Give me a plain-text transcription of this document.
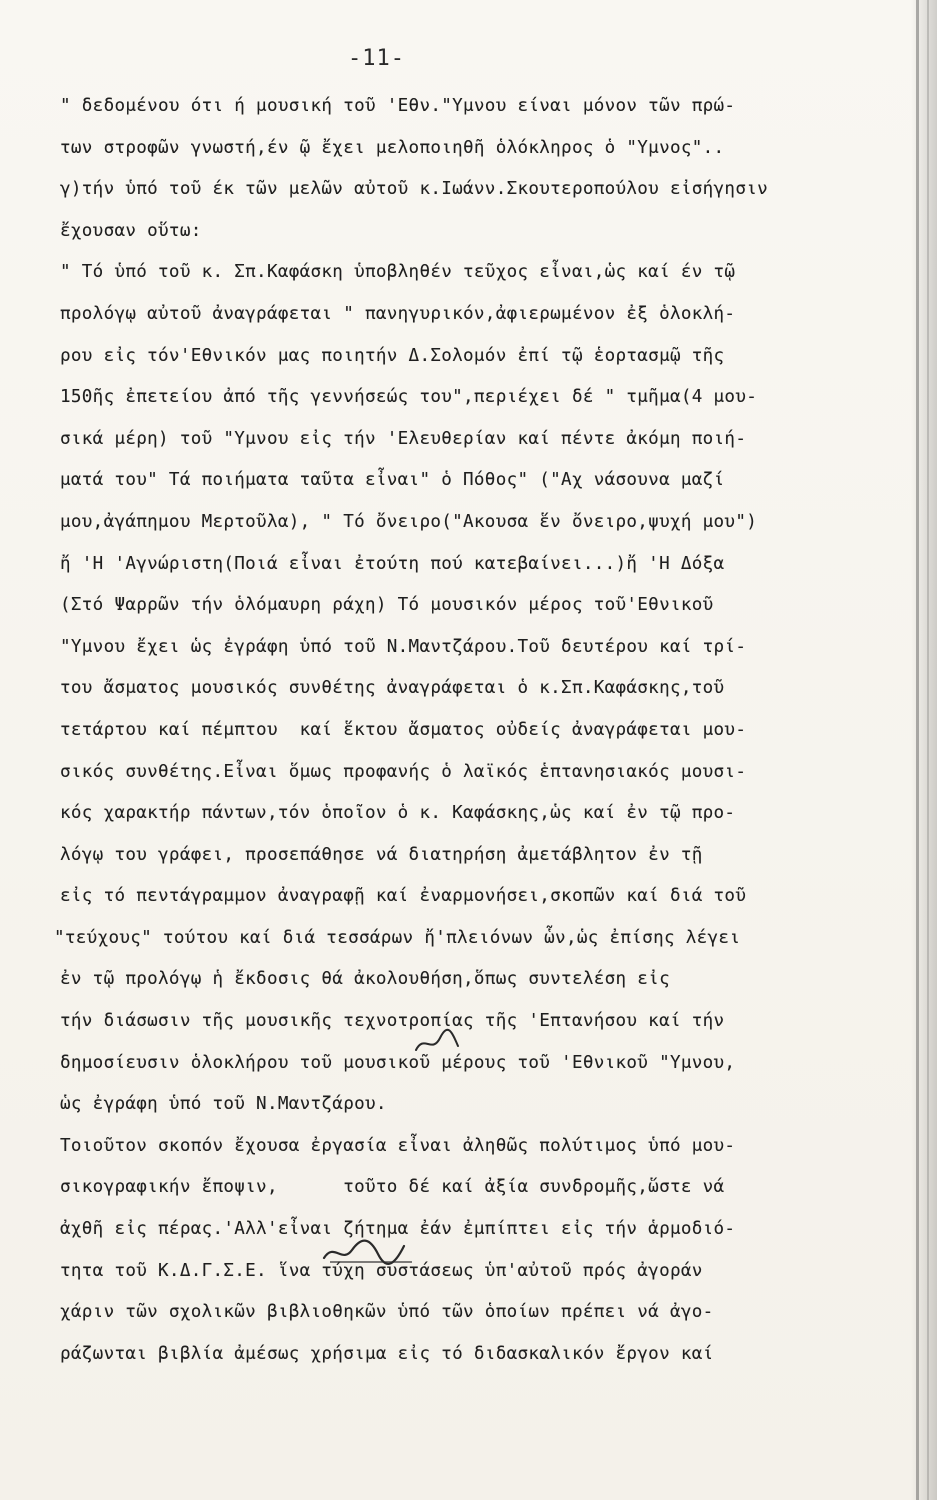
-11-
" δεδομένου ότι ή μουσική τοῦ 'Εθν."Υμνου είναι μόνον τῶν πρώ-
των στροφῶν γνωστή,έν ῷ ἔχει μελοποιηθῆ ὁλόκληρος ὁ "Υμνος"..
γ)τήν ὑπό τοῦ έκ τῶν μελῶν αὐτοῦ κ.Ιωάνν.Σκουτεροπούλου εἰσήγησιν
ἔχουσαν οὕτω:
" Τό ὑπό τοῦ κ. Σπ.Καφάσκη ὑποβληθέν τεῦχος εἶναι,ὡς καί έν τῷ
προλόγῳ αὐτοῦ ἀναγράφεται " πανηγυρικόν,ἀφιερωμένον ἐξ ὁλοκλή-
ρου εἰς τόν'Εθνικόν μας ποιητήν Δ.Σολομόν ἐπί τῷ ἑορτασμῷ τῆς
150ῆς ἐπετείου ἀπό τῆς γεννήσεώς του",περιέχει δέ " τμῆμα(4 μου-
σικά μέρη) τοῦ "Υμνου εἰς τήν 'Ελευθερίαν καί πέντε ἀκόμη ποιή-
ματά του" Τά ποιήματα ταῦτα εἶναι" ὁ Πόθος" ("Αχ νάσουνα μαζί
μου,ἀγάπημου Μερτοῦλα), " Τό ὄνειρο("Ακουσα ἕν ὄνειρο,ψυχή μου")
ἤ 'Η 'Αγνώριστη(Ποιά εἶναι ἐτούτη πού κατεβαίνει...)ἤ 'Η Δόξα
(Στό Ψαρρῶν τήν ὁλόμαυρη ράχη) Τό μουσικόν μέρος τοῦ'Εθνικοῦ
"Υμνου ἔχει ὡς ἐγράφη ὑπό τοῦ Ν.Μαντζάρου.Τοῦ δευτέρου καί τρί-
του ἄσματος μουσικός συνθέτης ἀναγράφεται ὁ κ.Σπ.Καφάσκης,τοῦ
τετάρτου καί πέμπτου  καί ἕκτου ἄσματος οὐδείς ἀναγράφεται μου-
σικός συνθέτης.Εἶναι ὅμως προφανής ὁ λαϊκός ἑπτανησιακός μουσι-
κός χαρακτήρ πάντων,τόν ὁποῖον ὁ κ. Καφάσκης,ὡς καί ἐν τῷ προ-
λόγῳ του γράφει, προσεπάθησε νά διατηρήση ἀμετάβλητον ἐν τῇ
εἰς τό πεντάγραμμον ἀναγραφῇ καί ἐναρμονήσει,σκοπῶν καί διά τοῦ
"τεύχους" τούτου καί διά τεσσάρων ἤ'πλειόνων ὧν,ὡς ἐπίσης λέγει
ἐν τῷ προλόγῳ ἡ ἔκδοσις θά ἀκολουθήση,ὅπως συντελέση εἰς
τήν διάσωσιν τῆς μουσικῆς τεχνοτροπίας τῆς 'Επτανήσου καί τήν
δημοσίευσιν ὁλοκλήρου τοῦ μουσικοῦ μέρους τοῦ 'Εθνικοῦ "Υμνου,
ὡς ἐγράφη ὑπό τοῦ Ν.Μαντζάρου.
Τοιοῦτον σκοπόν ἔχουσα ἐργασία εἶναι ἀληθῶς πολύτιμος ὑπό μου-
σικογραφικήν ἔποψιν,      τοῦτο δέ καί ἀξία συνδρομῆς,ὥστε νά
ἀχθῆ εἰς πέρας.'Αλλ'εἶναι ζήτημα ἐάν ἐμπίπτει εἰς τήν ἁρμοδιό-
τητα τοῦ Κ.Δ.Γ.Σ.Ε. ἵνα τύχη συστάσεως ὑπ'αὐτοῦ πρός ἀγοράν
χάριν τῶν σχολικῶν βιβλιοθηκῶν ὑπό τῶν ὁποίων πρέπει νά ἀγο-
ράζωνται βιβλία ἀμέσως χρήσιμα εἰς τό διδασκαλικόν ἔργον καί
